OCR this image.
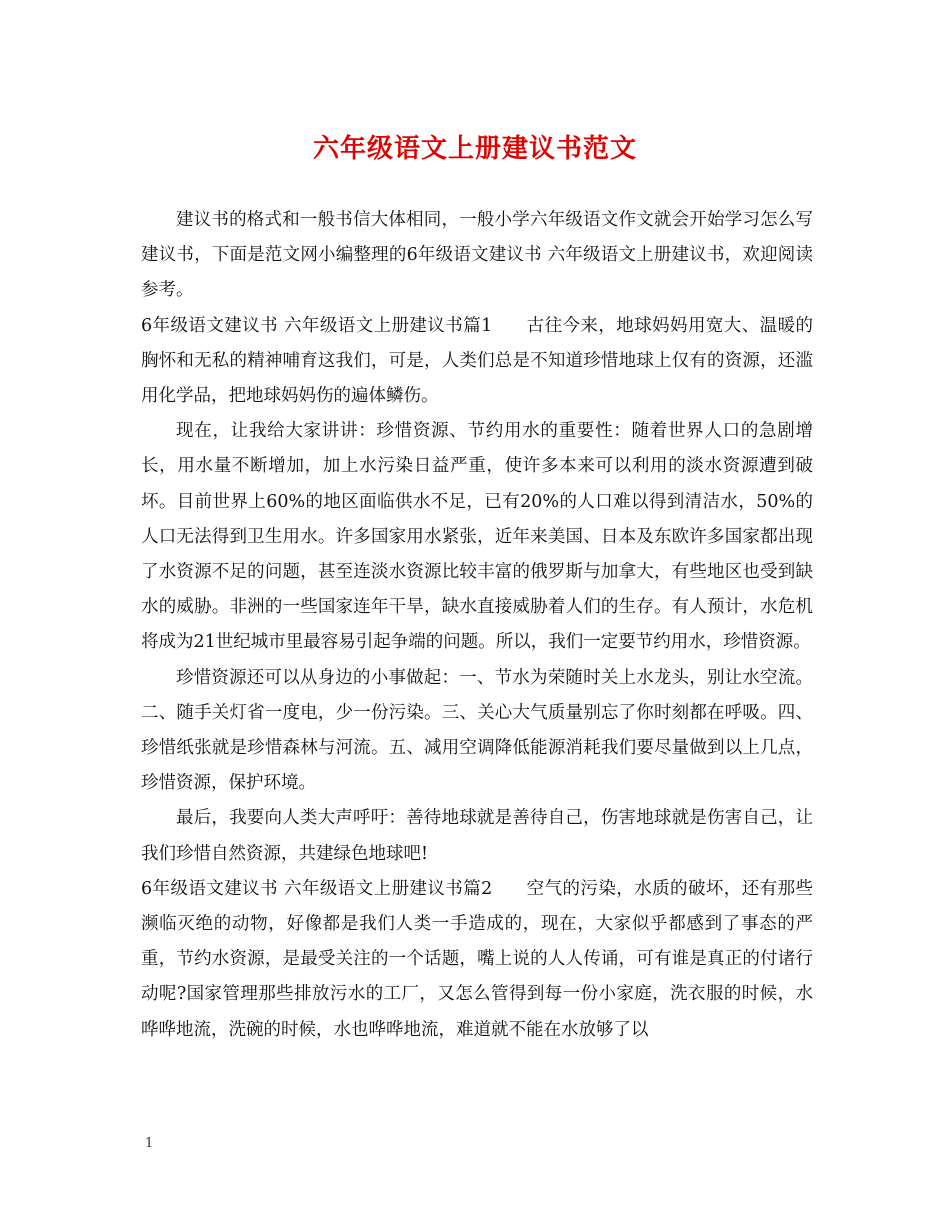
六年级语文上册建议书范文

建议书的格式和一般书信大体相同，一般小学六年级语文作文就会开始学习怎么写建议书，下面是范文网小编整理的6年级语文建议书 六年级语文上册建议书，欢迎阅读参考。

6年级语文建议书 六年级语文上册建议书篇1 古往今来，地球妈妈用宽大、温暖的胸怀和无私的精神哺育这我们，可是，人类们总是不知道珍惜地球上仅有的资源，还滥用化学品，把地球妈妈伤的遍体鳞伤。

现在，让我给大家讲讲：珍惜资源、节约用水的重要性：随着世界人口的急剧增长，用水量不断增加，加上水污染日益严重，使许多本来可以利用的淡水资源遭到破坏。目前世界上60%的地区面临供水不足，已有20%的人口难以得到清洁水，50%的人口无法得到卫生用水。许多国家用水紧张，近年来美国、日本及东欧许多国家都出现了水资源不足的问题，甚至连淡水资源比较丰富的俄罗斯与加拿大，有些地区也受到缺水的威胁。非洲的一些国家连年干旱，缺水直接威胁着人们的生存。有人预计，水危机将成为21世纪城市里最容易引起争端的问题。所以，我们一定要节约用水，珍惜资源。

珍惜资源还可以从身边的小事做起：一、节水为荣随时关上水龙头，别让水空流。二、随手关灯省一度电，少一份污染。三、关心大气质量别忘了你时刻都在呼吸。四、珍惜纸张就是珍惜森林与河流。五、减用空调降低能源消耗我们要尽量做到以上几点，珍惜资源，保护环境。

最后，我要向人类大声呼吁：善待地球就是善待自己，伤害地球就是伤害自己，让我们珍惜自然资源，共建绿色地球吧!

6年级语文建议书 六年级语文上册建议书篇2 空气的污染，水质的破坏，还有那些濒临灭绝的动物，好像都是我们人类一手造成的，现在，大家似乎都感到了事态的严重，节约水资源，是最受关注的一个话题，嘴上说的人人传诵，可有谁是真正的付诸行动呢?国家管理那些排放污水的工厂，又怎么管得到每一份小家庭，洗衣服的时候，水哗哗地流，洗碗的时候，水也哗哗地流，难道就不能在水放够了以

1
